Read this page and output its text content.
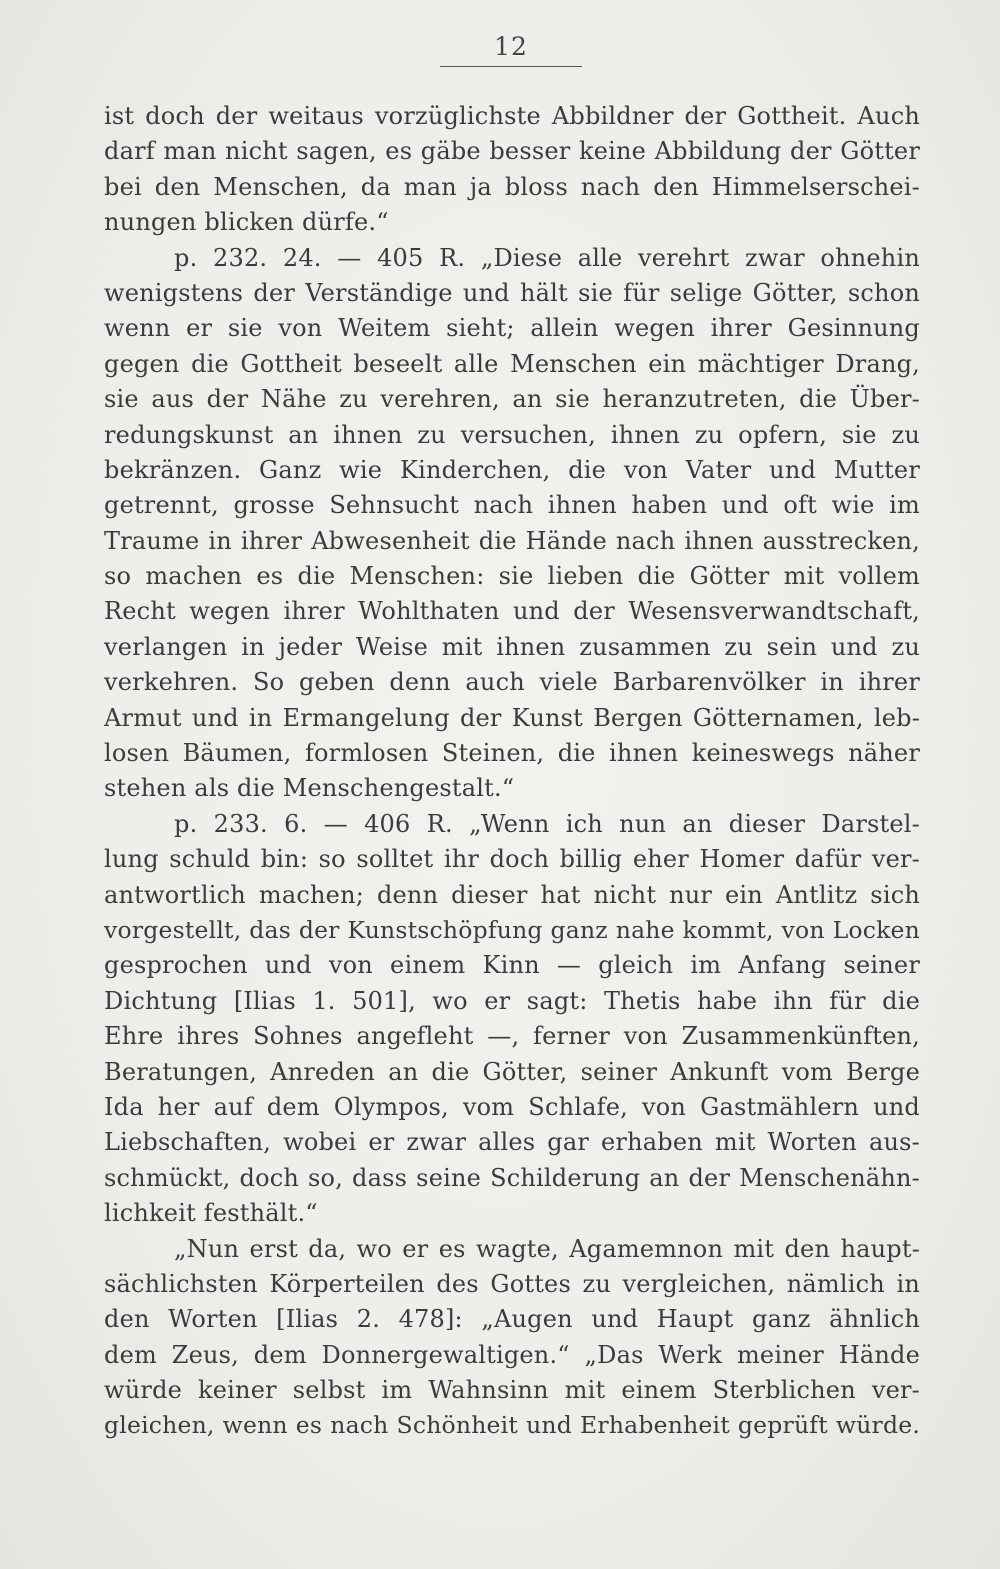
12
ist doch der weitaus vorzüglichste Abbildner der Gottheit. Auch
darf man nicht sagen, es gäbe besser keine Abbildung der Götter
bei den Menschen, da man ja bloss nach den Himmelserschei-
nungen blicken dürfe.“
p. 232. 24. — 405 R. „Diese alle verehrt zwar ohnehin
wenigstens der Verständige und hält sie für selige Götter, schon
wenn er sie von Weitem sieht; allein wegen ihrer Gesinnung
gegen die Gottheit beseelt alle Menschen ein mächtiger Drang,
sie aus der Nähe zu verehren, an sie heranzutreten, die Über-
redungskunst an ihnen zu versuchen, ihnen zu opfern, sie zu
bekränzen. Ganz wie Kinderchen, die von Vater und Mutter
getrennt, grosse Sehnsucht nach ihnen haben und oft wie im
Traume in ihrer Abwesenheit die Hände nach ihnen ausstrecken,
so machen es die Menschen: sie lieben die Götter mit vollem
Recht wegen ihrer Wohlthaten und der Wesensverwandtschaft,
verlangen in jeder Weise mit ihnen zusammen zu sein und zu
verkehren. So geben denn auch viele Barbarenvölker in ihrer
Armut und in Ermangelung der Kunst Bergen Götternamen, leb-
losen Bäumen, formlosen Steinen, die ihnen keineswegs näher
stehen als die Menschengestalt.“
p. 233. 6. — 406 R. „Wenn ich nun an dieser Darstel-
lung schuld bin: so solltet ihr doch billig eher Homer dafür ver-
antwortlich machen; denn dieser hat nicht nur ein Antlitz sich
vorgestellt, das der Kunstschöpfung ganz nahe kommt, von Locken
gesprochen und von einem Kinn — gleich im Anfang seiner
Dichtung [Ilias 1. 501], wo er sagt: Thetis habe ihn für die
Ehre ihres Sohnes angefleht —, ferner von Zusammenkünften,
Beratungen, Anreden an die Götter, seiner Ankunft vom Berge
Ida her auf dem Olympos, vom Schlafe, von Gastmählern und
Liebschaften, wobei er zwar alles gar erhaben mit Worten aus-
schmückt, doch so, dass seine Schilderung an der Menschenähn-
lichkeit festhält.“
„Nun erst da, wo er es wagte, Agamemnon mit den haupt-
sächlichsten Körperteilen des Gottes zu vergleichen, nämlich in
den Worten [Ilias 2. 478]: „Augen und Haupt ganz ähnlich
dem Zeus, dem Donnergewaltigen.“ „Das Werk meiner Hände
würde keiner selbst im Wahnsinn mit einem Sterblichen ver-
gleichen, wenn es nach Schönheit und Erhabenheit geprüft würde.
